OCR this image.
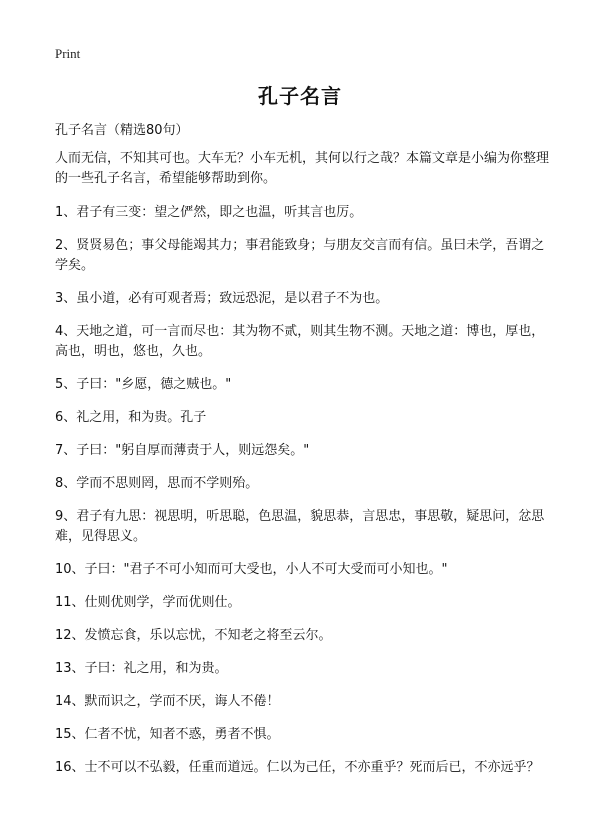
Print
孔子名言
孔子名言（精选80句）

人而无信，不知其可也。大车无？小车无机，其何以行之哉？本篇文章是小编为你整理的一些孔子名言，希望能够帮助到你。

1、君子有三变：望之俨然，即之也温，听其言也厉。

2、贤贤易色；事父母能竭其力；事君能致身；与朋友交言而有信。虽曰未学，吾谓之学矣。

3、虽小道，必有可观者焉；致远恐泥，是以君子不为也。

4、天地之道，可一言而尽也：其为物不贰，则其生物不测。天地之道：博也，厚也，高也，明也，悠也，久也。

5、子曰："乡愿，德之贼也。"

6、礼之用，和为贵。孔子

7、子曰："躬自厚而薄责于人，则远怨矣。"

8、学而不思则罔，思而不学则殆。

9、君子有九思：视思明，听思聪，色思温，貌思恭，言思忠，事思敬，疑思问，忿思难，见得思义。

10、子曰："君子不可小知而可大受也，小人不可大受而可小知也。"

11、仕则优则学，学而优则仕。

12、发愤忘食，乐以忘忧，不知老之将至云尔。

13、子曰：礼之用，和为贵。

14、默而识之，学而不厌，诲人不倦！

15、仁者不忧，知者不惑，勇者不惧。

16、士不可以不弘毅，任重而道远。仁以为己任，不亦重乎？死而后已，不亦远乎？
